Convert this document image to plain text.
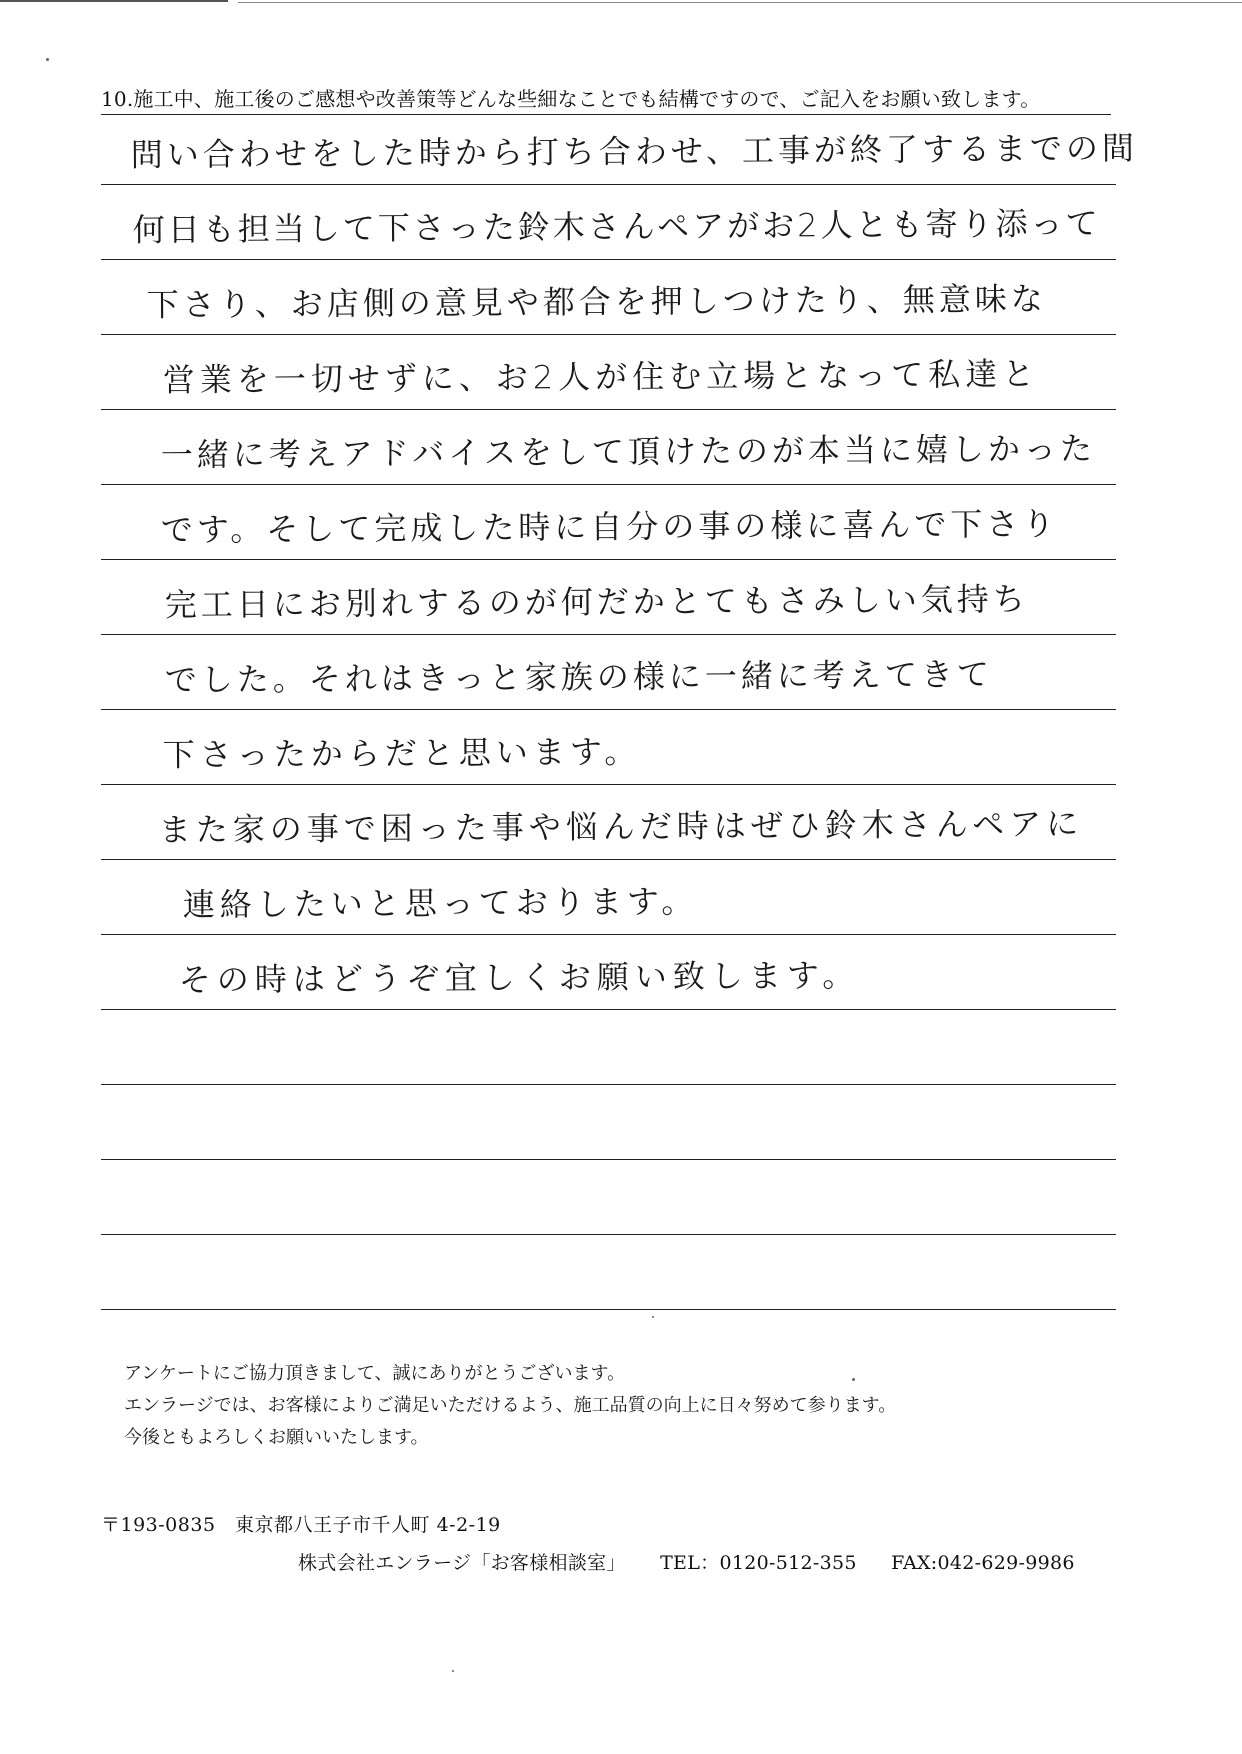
10.施工中、施工後のご感想や改善策等どんな些細なことでも結構ですので、ご記入をお願い致します。
問い合わせをした時から打ち合わせ、工事が終了するまでの間
何日も担当して下さった鈴木さんペアがお2人とも寄り添って
下さり、お店側の意見や都合を押しつけたり、無意味な
営業を一切せずに、お2人が住む立場となって私達と
一緒に考えアドバイスをして頂けたのが本当に嬉しかった
です。そして完成した時に自分の事の様に喜んで下さり
完工日にお別れするのが何だかとてもさみしい気持ち
でした。それはきっと家族の様に一緒に考えてきて
下さったからだと思います。
また家の事で困った事や悩んだ時はぜひ鈴木さんペアに
連絡したいと思っております。
その時はどうぞ宜しくお願い致します。
アンケートにご協力頂きまして、誠にありがとうございます。
エンラージでは、お客様によりご満足いただけるよう、施工品質の向上に日々努めて参ります。
今後ともよろしくお願いいたします。
〒193-0835　東京都八王子市千人町 4-2-19
株式会社エンラージ「お客様相談室」 TEL：0120-512-355 FAX:042-629-9986
